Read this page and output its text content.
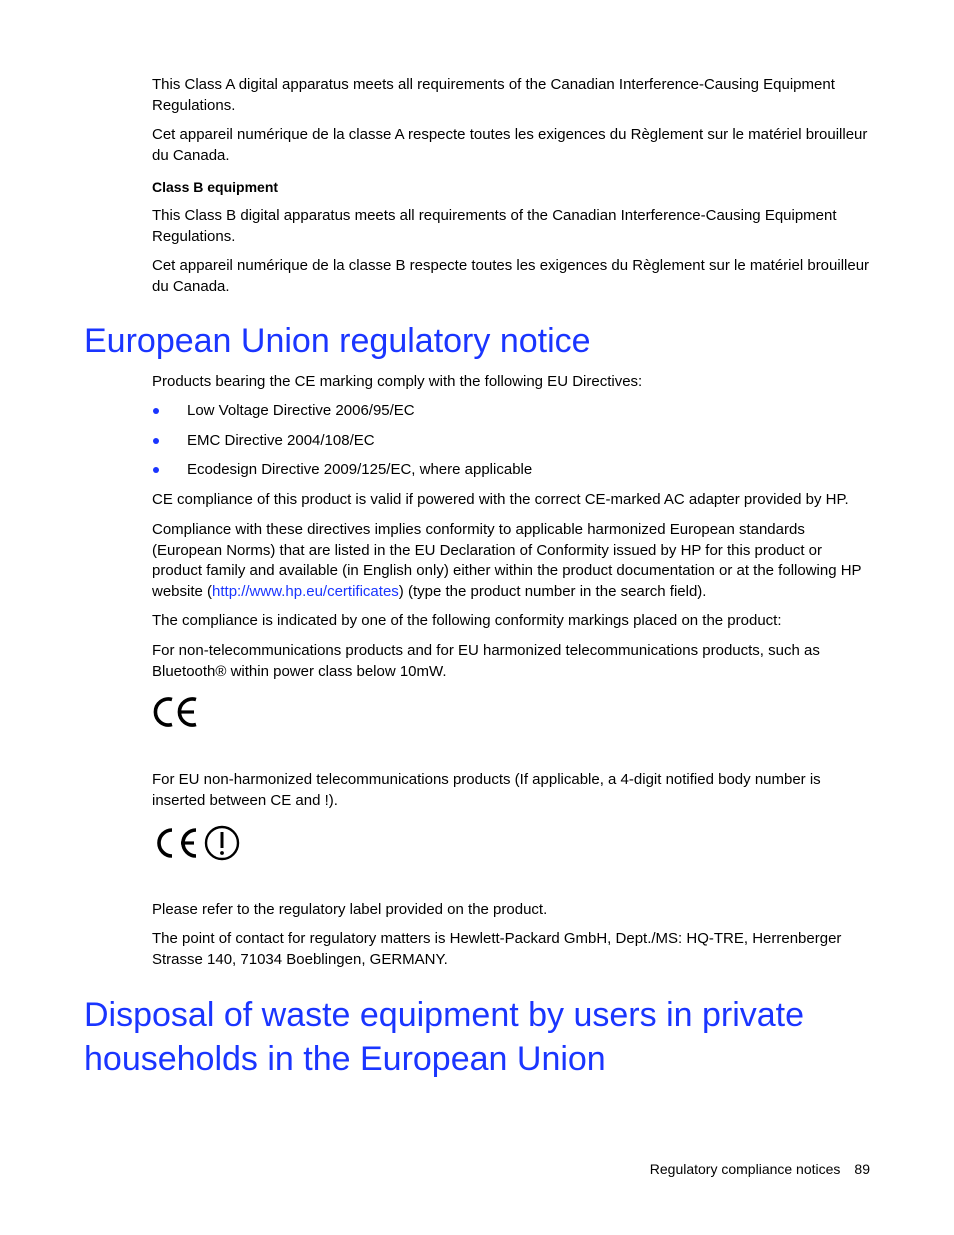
This Class A digital apparatus meets all requirements of the Canadian Interference-Causing Equipment Regulations.

Cet appareil numérique de la classe A respecte toutes les exigences du Règlement sur le matériel brouilleur du Canada.

Class B equipment

This Class B digital apparatus meets all requirements of the Canadian Interference-Causing Equipment Regulations.

Cet appareil numérique de la classe B respecte toutes les exigences du Règlement sur le matériel brouilleur du Canada.

European Union regulatory notice

Products bearing the CE marking comply with the following EU Directives:

Low Voltage Directive 2006/95/EC
EMC Directive 2004/108/EC
Ecodesign Directive 2009/125/EC, where applicable

CE compliance of this product is valid if powered with the correct CE-marked AC adapter provided by HP.

Compliance with these directives implies conformity to applicable harmonized European standards (European Norms) that are listed in the EU Declaration of Conformity issued by HP for this product or product family and available (in English only) either within the product documentation or at the following HP website (http://www.hp.eu/certificates) (type the product number in the search field).

The compliance is indicated by one of the following conformity markings placed on the product:

For non-telecommunications products and for EU harmonized telecommunications products, such as Bluetooth® within power class below 10mW.

For EU non-harmonized telecommunications products (If applicable, a 4-digit notified body number is inserted between CE and !).

Please refer to the regulatory label provided on the product.

The point of contact for regulatory matters is Hewlett-Packard GmbH, Dept./MS: HQ-TRE, Herrenberger Strasse 140, 71034 Boeblingen, GERMANY.

Disposal of waste equipment by users in private
households in the European Union
Regulatory compliance notices 89
